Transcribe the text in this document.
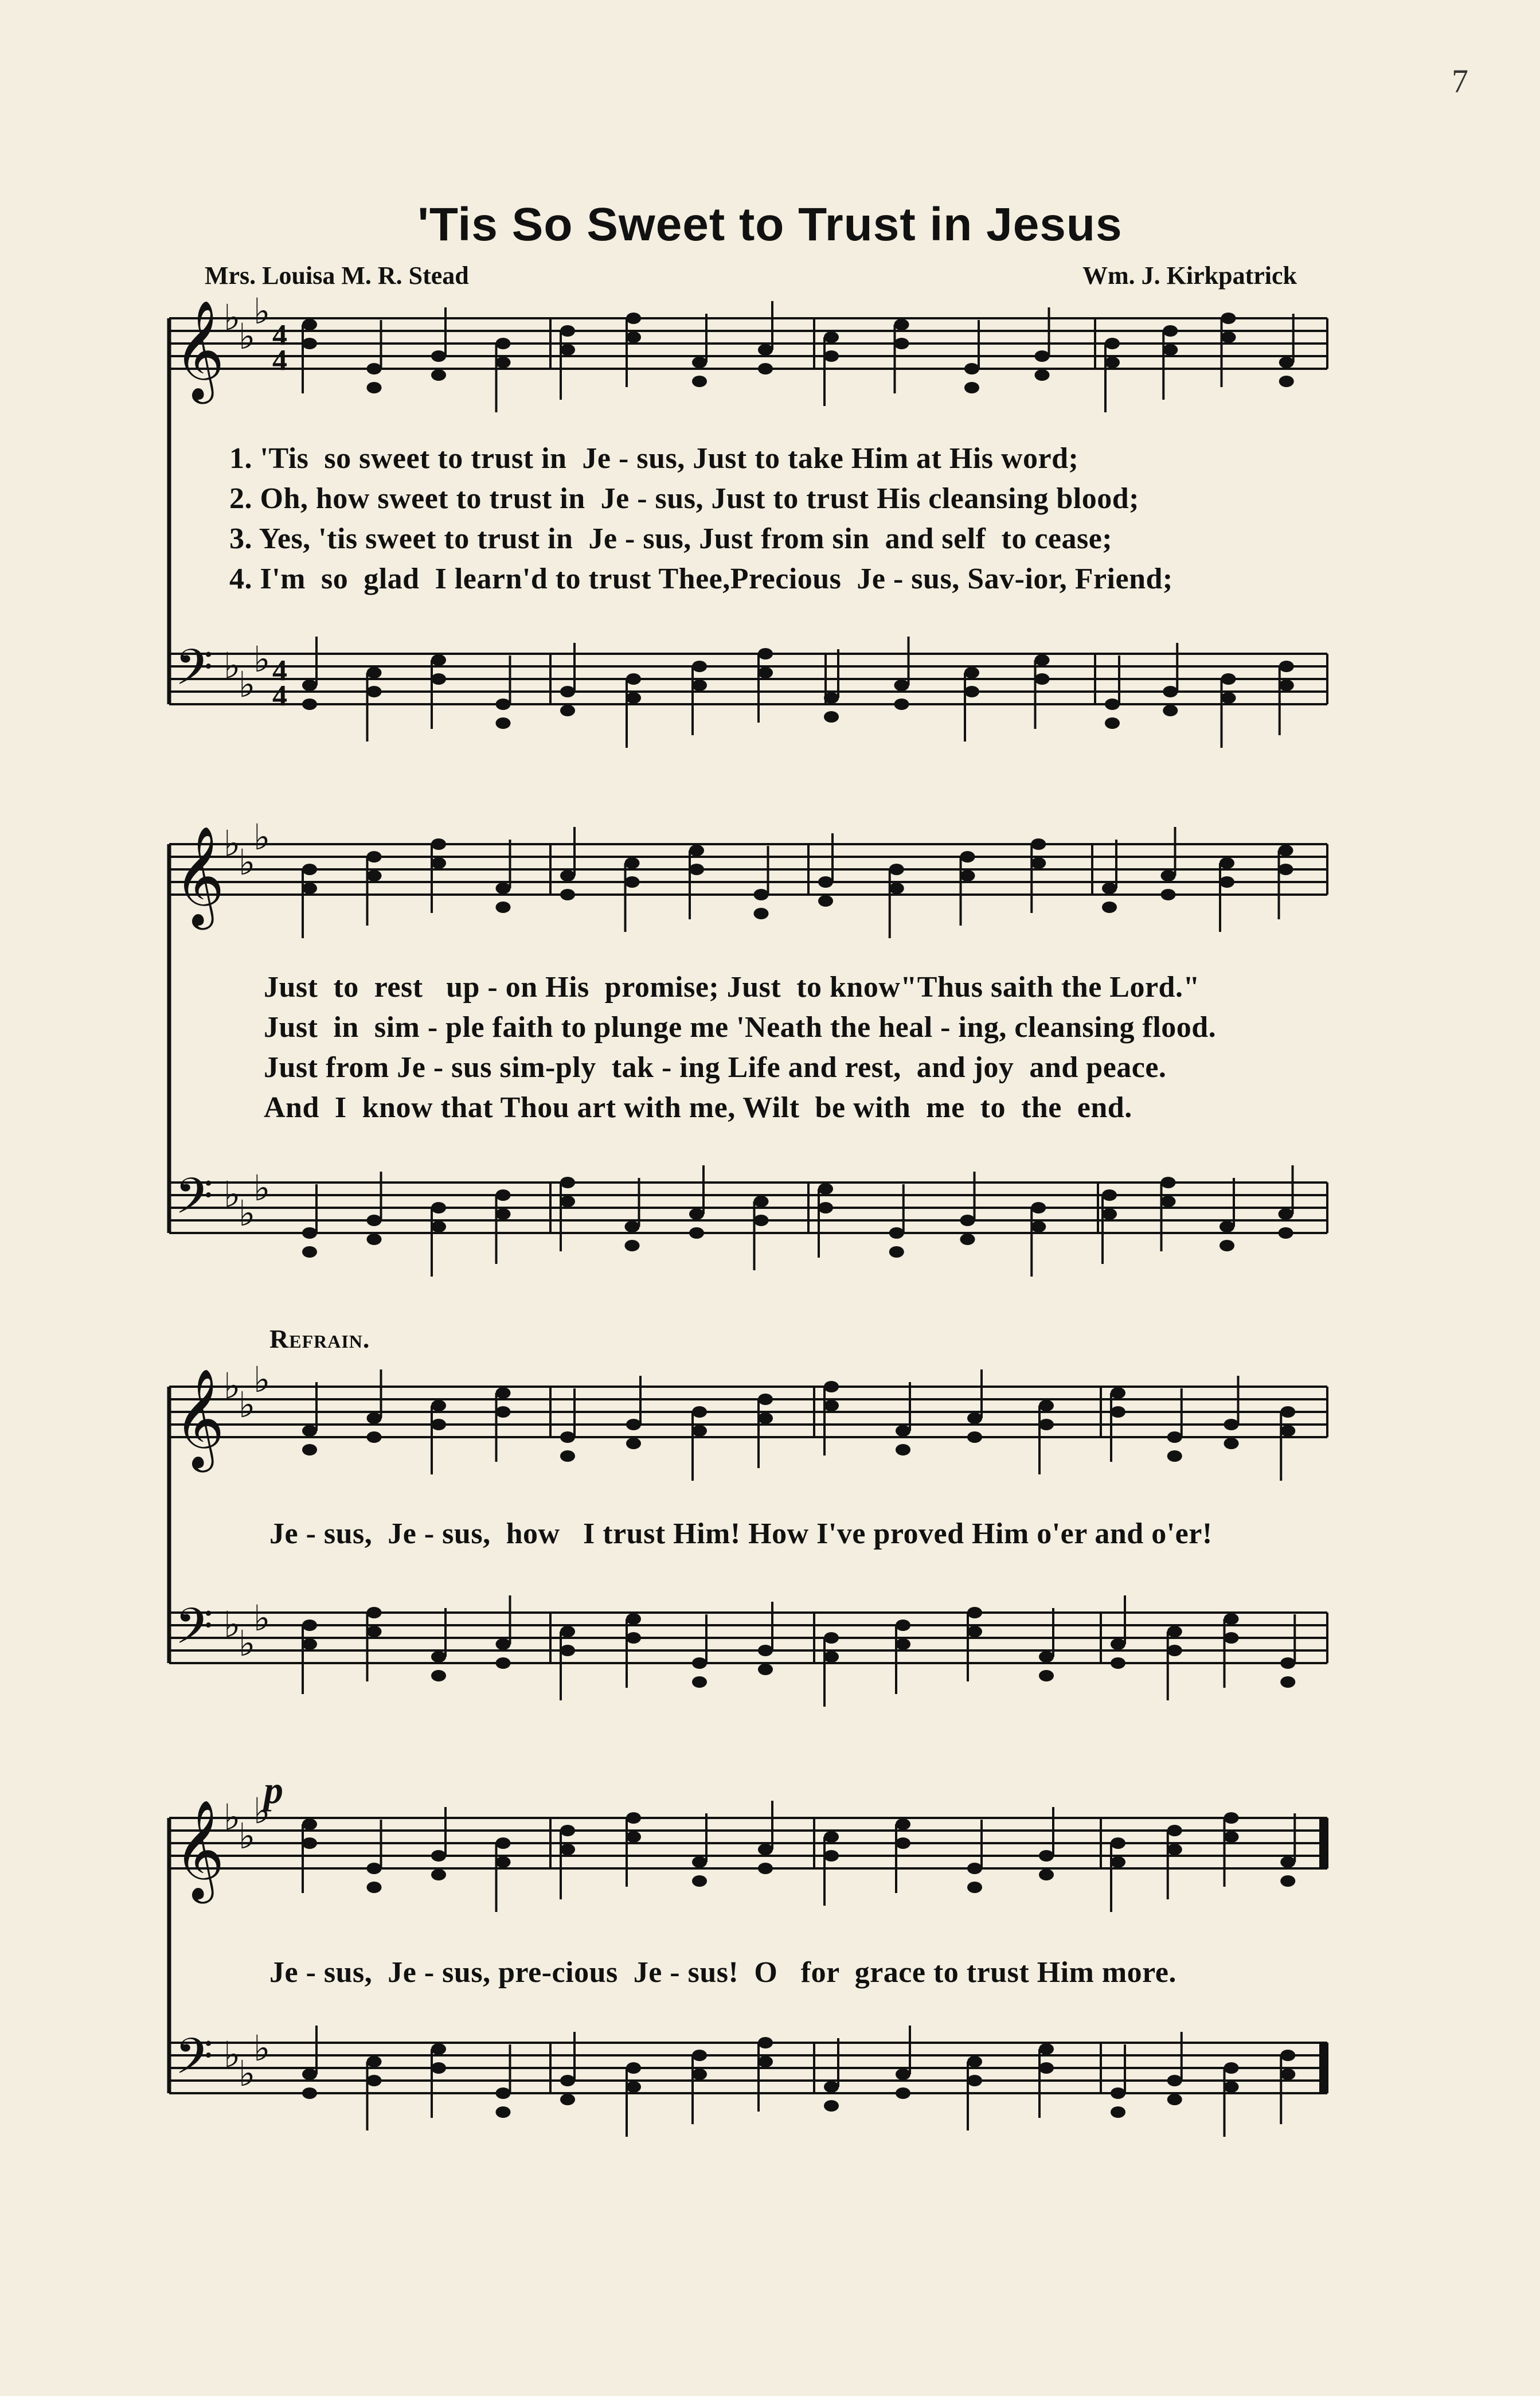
7
'Tis So Sweet to Trust in Jesus
Mrs. Louisa M. R. Stead	Wm. J. Kirkpatrick
𝄞
𝄢
♭
♭
♭
♭
♭
♭
4
4
4
4
𝄞
𝄢
♭
♭
♭
♭
♭
♭
𝄞
𝄢
♭
♭
♭
♭
♭
♭
𝄞
𝄢
♭
♭
♭
♭
♭
♭
1. 'Tis  so sweet to trust in  Je - sus, Just to take Him at His word;
2. Oh, how sweet to trust in  Je - sus, Just to trust His cleansing blood;
3. Yes, 'tis sweet to trust in  Je - sus, Just from sin  and self  to cease;
4. I'm  so  glad  I learn'd to trust Thee,Precious  Je - sus, Sav-ior, Friend;
Just  to  rest   up - on His  promise; Just  to know"Thus saith the Lord."
Just  in  sim - ple faith to plunge me 'Neath the heal - ing, cleansing flood.
Just from Je - sus sim-ply  tak - ing Life and rest,  and joy  and peace.
And  I  know that Thou art with me, Wilt  be with  me  to  the  end.
Refrain.
Je - sus,  Je - sus,  how   I trust Him! How I've proved Him o'er and o'er!
p
Je - sus,  Je - sus, pre-cious  Je - sus!  O   for  grace to trust Him more.
